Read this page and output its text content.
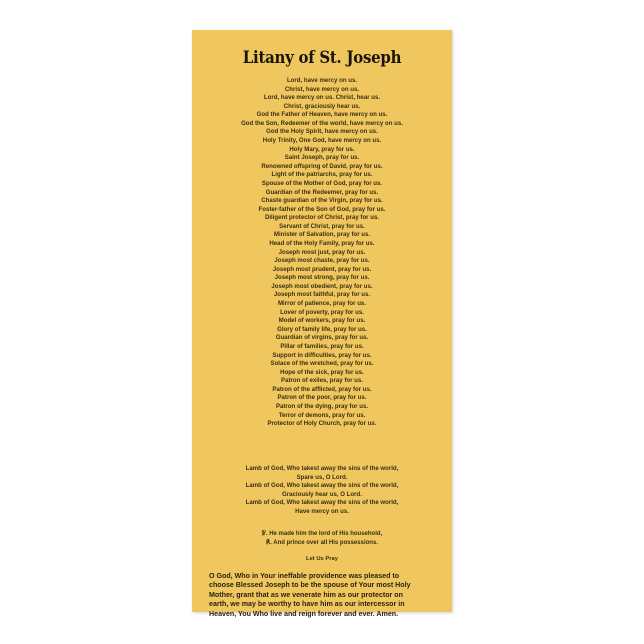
Litany of St. Joseph
Lord, have mercy on us.
Christ, have mercy on us.
Lord, have mercy on us. Christ, hear us.
Christ, graciously hear us.
God the Father of Heaven, have mercy on us.
God the Son, Redeemer of the world, have mercy on us.
God the Holy Spirit, have mercy on us.
Holy Trinity, One God, have mercy on us.
Holy Mary, pray for us.
Saint Joseph, pray for us.
Renowned offspring of David, pray for us.
Light of the patriarchs, pray for us.
Spouse of the Mother of God, pray for us.
Guardian of the Redeemer, pray for us.
Chaste guardian of the Virgin, pray for us.
Foster-father of the Son of God, pray for us.
Diligent protector of Christ, pray for us.
Servant of Christ, pray for us.
Minister of Salvation, pray for us.
Head of the Holy Family, pray for us.
Joseph most just, pray for us.
Joseph most chaste, pray for us.
Joseph most prudent, pray for us.
Joseph most strong, pray for us.
Joseph most obedient, pray for us.
Joseph most faithful, pray for us.
Mirror of patience, pray for us.
Lover of poverty, pray for us.
Model of workers, pray for us.
Glory of family life, pray for us.
Guardian of virgins, pray for us.
Pillar of families, pray for us.
Support in difficulties, pray for us.
Solace of the wretched, pray for us.
Hope of the sick, pray for us.
Patron of exiles, pray for us.
Patron of the afflicted, pray for us.
Patron of the poor, pray for us.
Patron of the dying, pray for us.
Terror of demons, pray for us.
Protector of Holy Church, pray for us.
Lamb of God, Who takest away the sins of the world,
Spare us, O Lord.
Lamb of God, Who takest away the sins of the world,
Graciously hear us, O Lord.
Lamb of God, Who takest away the sins of the world,
Have mercy on us.
℣. He made him the lord of His household,
℟. And prince over all His possessions.
Let Us Pray
O God, Who in Your ineffable providence was pleased to
choose Blessed Joseph to be the spouse of Your most Holy
Mother, grant that as we venerate him as our protector on
earth, we may be worthy to have him as our intercessor in
Heaven, You Who live and reign forever and ever. Amen.
